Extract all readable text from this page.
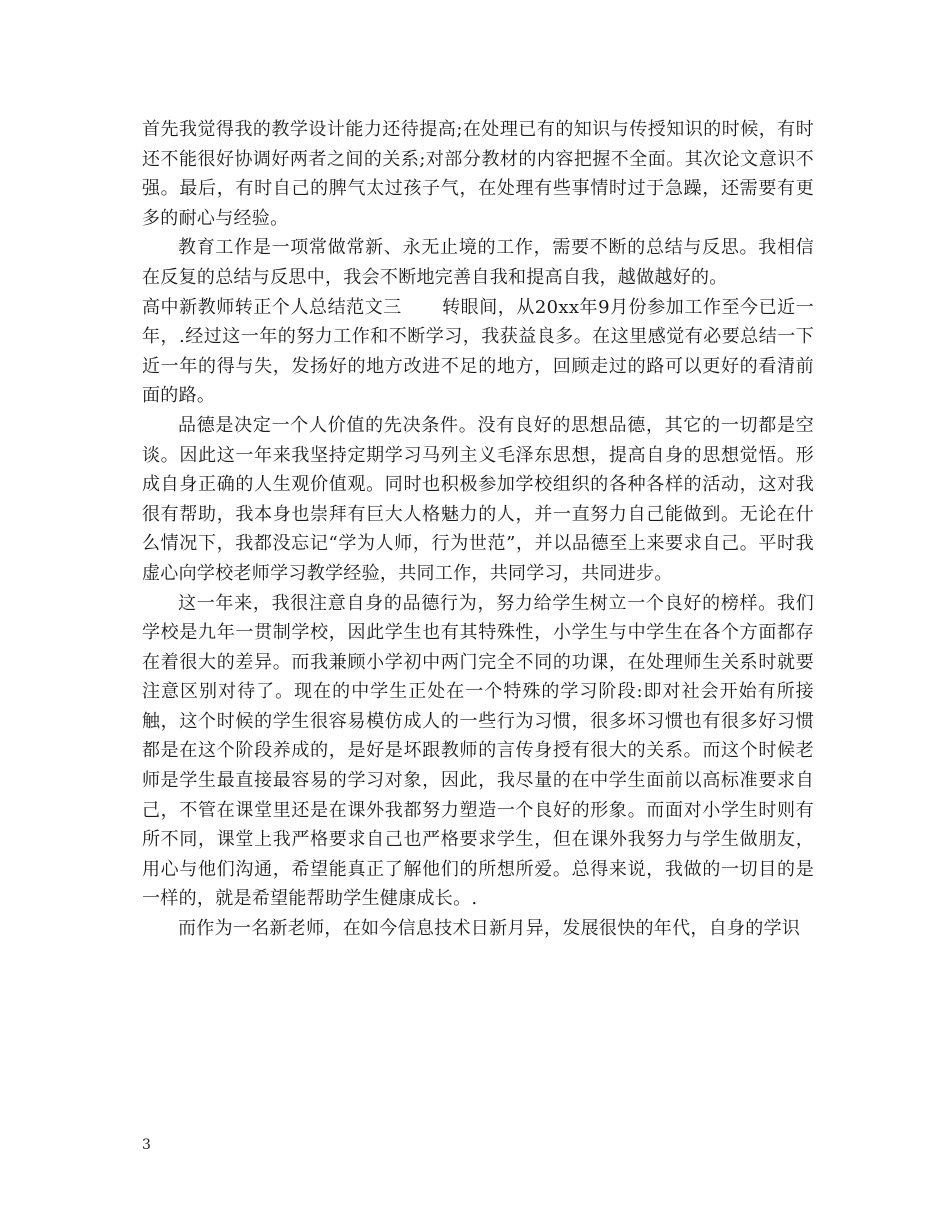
首先我觉得我的教学设计能力还待提高;在处理已有的知识与传授知识的时候，有时还不能很好协调好两者之间的关系;对部分教材的内容把握不全面。其次论文意识不强。最后，有时自己的脾气太过孩子气，在处理有些事情时过于急躁，还需要有更多的耐心与经验。

教育工作是一项常做常新、永无止境的工作，需要不断的总结与反思。我相信在反复的总结与反思中，我会不断地完善自我和提高自我，越做越好的。

高中新教师转正个人总结范文三 转眼间，从20xx年9月份参加工作至今已近一年，.经过这一年的努力工作和不断学习，我获益良多。在这里感觉有必要总结一下近一年的得与失，发扬好的地方改进不足的地方，回顾走过的路可以更好的看清前面的路。

品德是决定一个人价值的先决条件。没有良好的思想品德，其它的一切都是空谈。因此这一年来我坚持定期学习马列主义毛泽东思想，提高自身的思想觉悟。形成自身正确的人生观价值观。同时也积极参加学校组织的各种各样的活动，这对我很有帮助，我本身也崇拜有巨大人格魅力的人，并一直努力自己能做到。无论在什么情况下，我都没忘记“学为人师，行为世范”，并以品德至上来要求自己。平时我虚心向学校老师学习教学经验，共同工作，共同学习，共同进步。

这一年来，我很注意自身的品德行为，努力给学生树立一个良好的榜样。我们学校是九年一贯制学校，因此学生也有其特殊性，小学生与中学生在各个方面都存在着很大的差异。而我兼顾小学初中两门完全不同的功课，在处理师生关系时就要注意区别对待了。现在的中学生正处在一个特殊的学习阶段:即对社会开始有所接触，这个时候的学生很容易模仿成人的一些行为习惯，很多坏习惯也有很多好习惯都是在这个阶段养成的，是好是坏跟教师的言传身授有很大的关系。而这个时候老师是学生最直接最容易的学习对象，因此，我尽量的在中学生面前以高标准要求自己，不管在课堂里还是在课外我都努力塑造一个良好的形象。而面对小学生时则有所不同，课堂上我严格要求自己也严格要求学生，但在课外我努力与学生做朋友，用心与他们沟通，希望能真正了解他们的所想所爱。总得来说，我做的一切目的是一样的，就是希望能帮助学生健康成长。.

而作为一名新老师，在如今信息技术日新月异，发展很快的年代，自身的学识

3
